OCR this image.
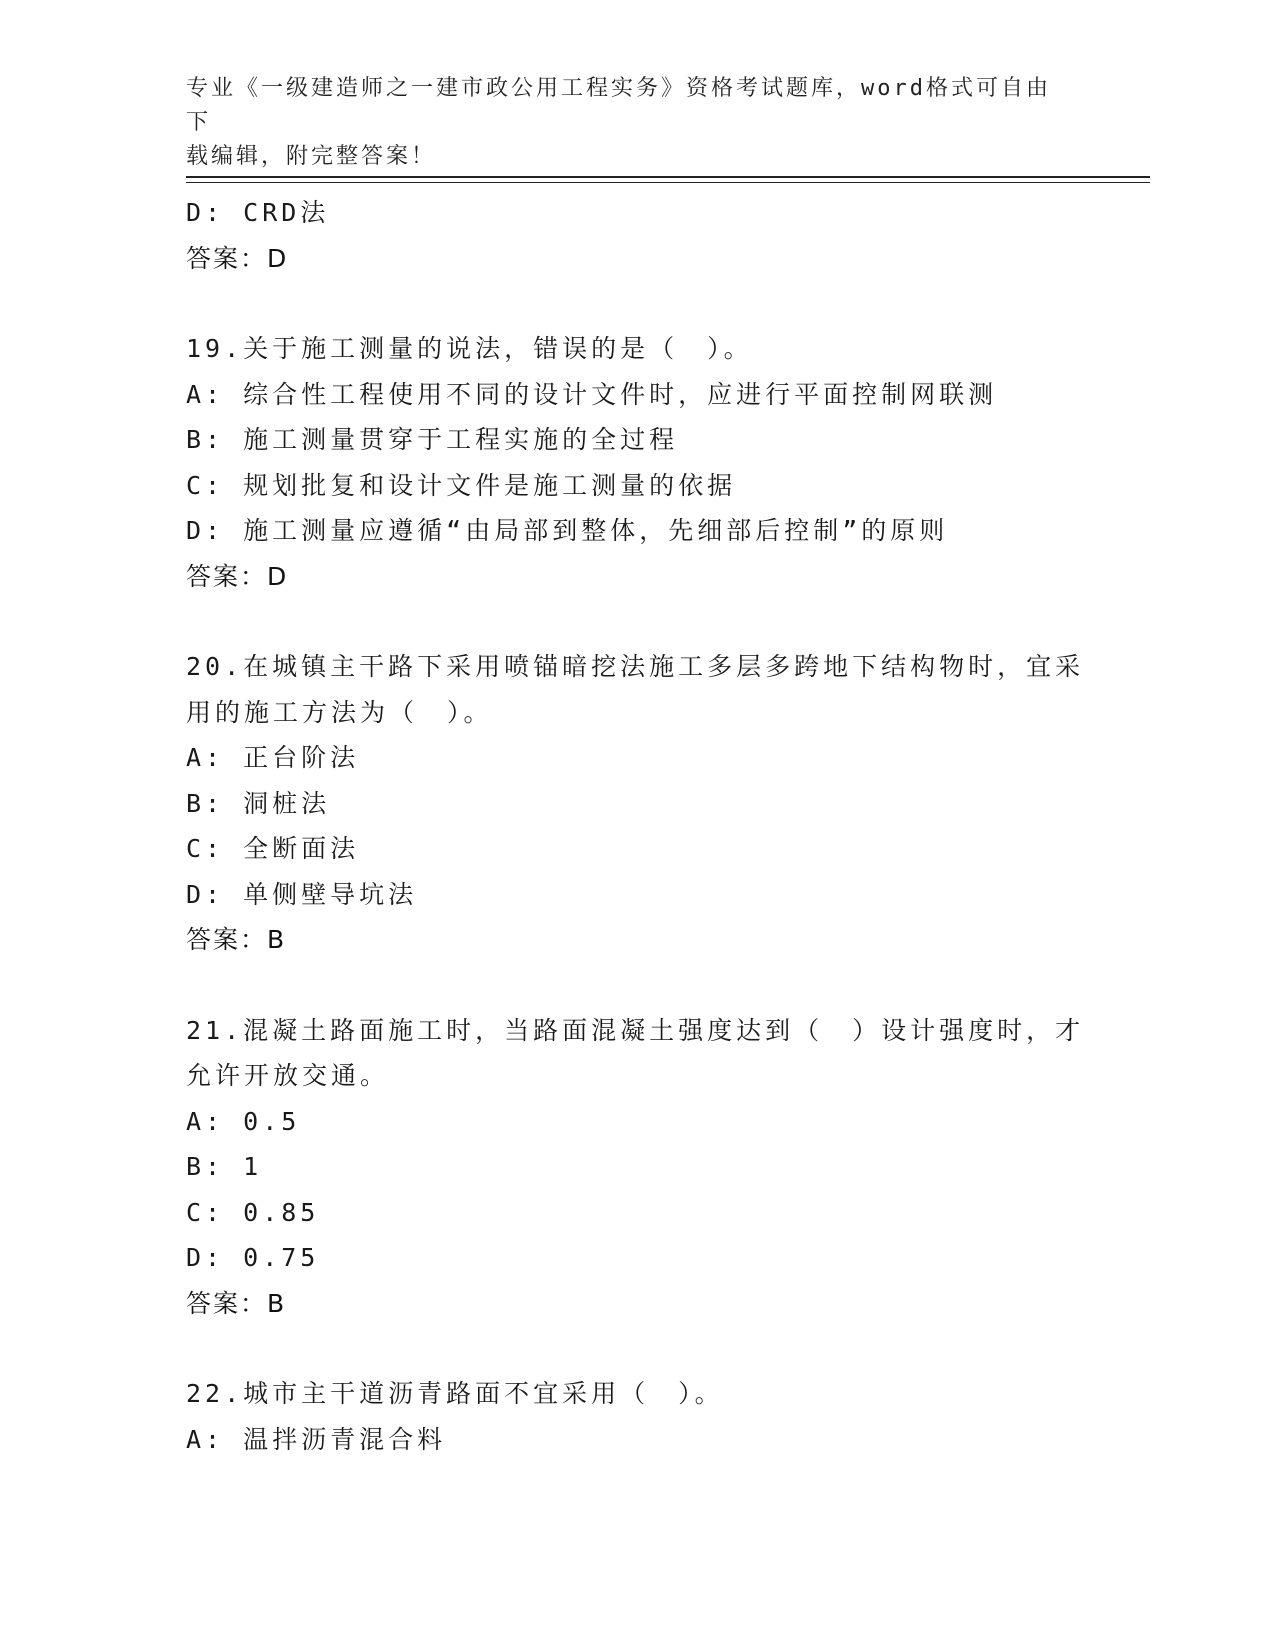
专业《一级建造师之一建市政公用工程实务》资格考试题库，word格式可自由下
载编辑，附完整答案！
D: CRD法
答案：D
19.关于施工测量的说法，错误的是（　）。
A: 综合性工程使用不同的设计文件时，应进行平面控制网联测
B: 施工测量贯穿于工程实施的全过程
C: 规划批复和设计文件是施工测量的依据
D: 施工测量应遵循“由局部到整体，先细部后控制”的原则
答案：D
20.在城镇主干路下采用喷锚暗挖法施工多层多跨地下结构物时，宜采
用的施工方法为（　）。
A: 正台阶法
B: 洞桩法
C: 全断面法
D: 单侧壁导坑法
答案：B
21.混凝土路面施工时，当路面混凝土强度达到（　）设计强度时，才
允许开放交通。
A: 0.5
B: 1
C: 0.85
D: 0.75
答案：B
22.城市主干道沥青路面不宜采用（　）。
A: 温拌沥青混合料
